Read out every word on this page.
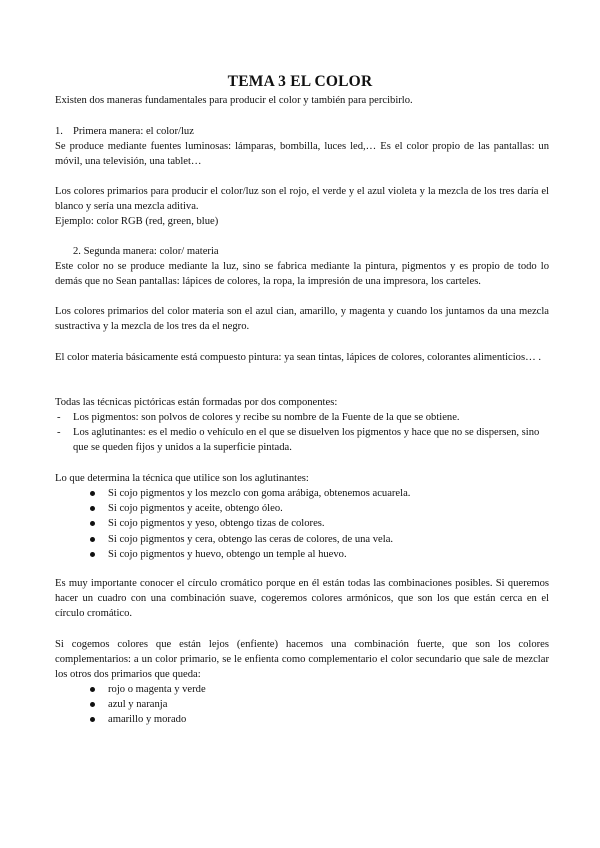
TEMA 3 EL COLOR
Existen dos maneras fundamentales para producir el color y también para percibirlo.
1. Primera manera: el color/luz
Se produce mediante fuentes luminosas: lámparas, bombilla, luces led,… Es el color propio de las pantallas: un móvil, una televisión, una tablet…
Los colores primarios para producir el color/luz son el rojo, el verde y el azul violeta y la mezcla de los tres daría el blanco y sería una mezcla aditiva.
Ejemplo: color RGB (red, green, blue)
2. Segunda manera: color/ materia
Este color no se produce mediante la luz, sino se fabrica mediante la pintura, pigmentos y es propio de todo lo demás que no Sean pantallas: lápices de colores, la ropa, la impresión de una impresora, los carteles.
Los colores primarios del color materia son el azul cian, amarillo, y magenta y cuando los juntamos da una mezcla sustractiva y la mezcla de los tres da el negro.
El color materia básicamente está compuesto pintura: ya sean tintas, lápices de colores, colorantes alimenticios… .
Todas las técnicas pictóricas están formadas por dos componentes:
- Los pigmentos: son polvos de colores y recibe su nombre de la Fuente de la que se obtiene.
- Los aglutinantes: es el medio o vehículo en el que se disuelven los pigmentos y hace que no se dispersen, sino que se queden fijos y unidos a la superficie pintada.
Lo que determina la técnica que utilice son los aglutinantes:
Si cojo pigmentos y los mezclo con goma arábiga, obtenemos acuarela.
Si cojo pigmentos y aceite, obtengo óleo.
Si cojo pigmentos y yeso, obtengo tizas de colores.
Si cojo pigmentos y cera, obtengo las ceras de colores, de una vela.
Si cojo pigmentos y huevo, obtengo un temple al huevo.
Es muy importante conocer el círculo cromático porque en él están todas las combinaciones posibles. Si queremos hacer un cuadro con una combinación suave, cogeremos colores armónicos, que son los que están cerca en el círculo cromático.
Si cogemos colores que están lejos (enfiente) hacemos una combinación fuerte, que son los colores complementarios: a un color primario, se le enfienta como complementario el color secundario que sale de mezclar los otros dos primarios que queda:
rojo o magenta y verde
azul y naranja
amarillo y morado
